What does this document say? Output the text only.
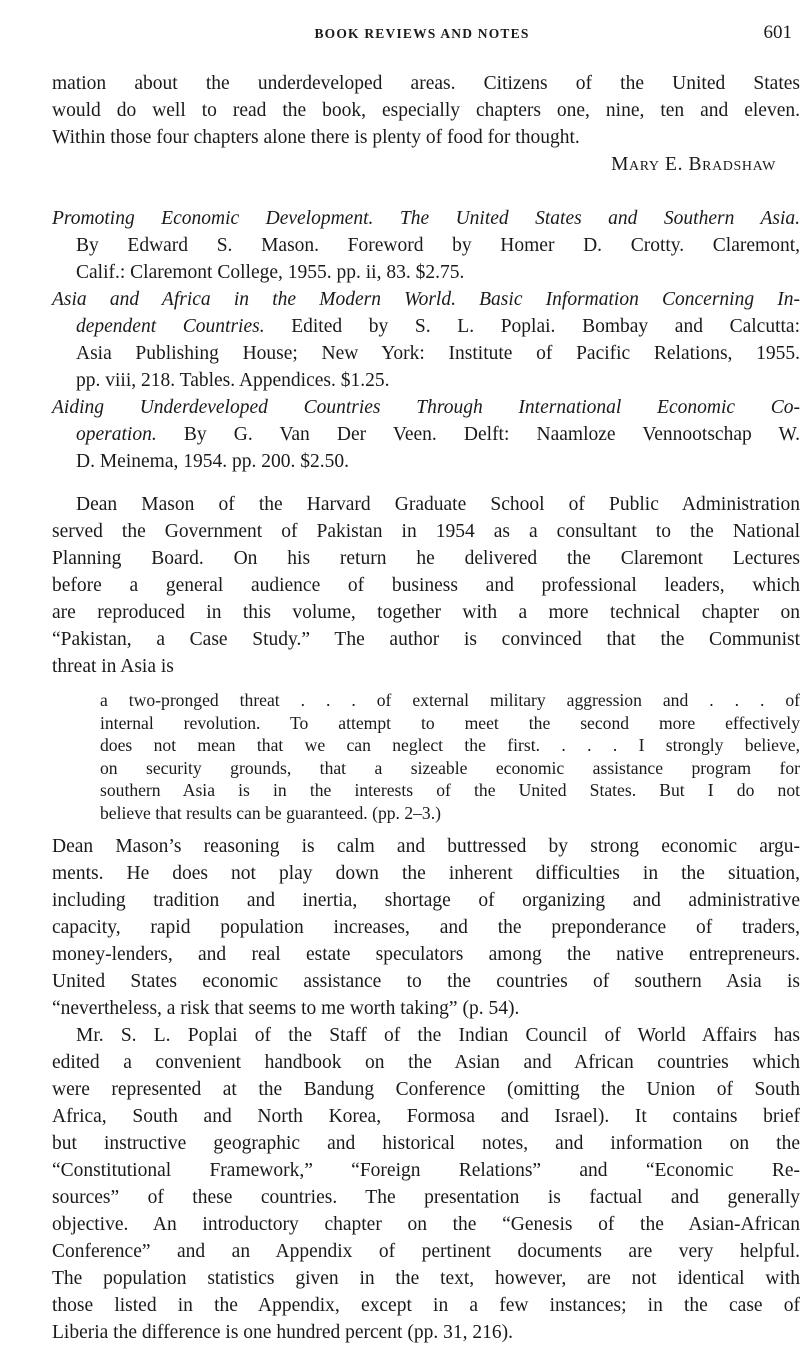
BOOK REVIEWS AND NOTES	601
mation about the underdeveloped areas. Citizens of the United States
would do well to read the book, especially chapters one, nine, ten and eleven.
Within those four chapters alone there is plenty of food for thought.
Mary E. Bradshaw
Promoting Economic Development. The United States and Southern Asia.
By Edward S. Mason. Foreword by Homer D. Crotty. Claremont,
Calif.: Claremont College, 1955. pp. ii, 83. $2.75.
Asia and Africa in the Modern World. Basic Information Concerning In-
dependent Countries. Edited by S. L. Poplai. Bombay and Calcutta:
Asia Publishing House; New York: Institute of Pacific Relations, 1955.
pp. viii, 218. Tables. Appendices. $1.25.
Aiding Underdeveloped Countries Through International Economic Co-
operation. By G. Van Der Veen. Delft: Naamloze Vennootschap W.
D. Meinema, 1954. pp. 200. $2.50.
Dean Mason of the Harvard Graduate School of Public Administration
served the Government of Pakistan in 1954 as a consultant to the National
Planning Board. On his return he delivered the Claremont Lectures
before a general audience of business and professional leaders, which
are reproduced in this volume, together with a more technical chapter on
“Pakistan, a Case Study.” The author is convinced that the Communist
threat in Asia is
a two-pronged threat . . . of external military aggression and . . . of
internal revolution. To attempt to meet the second more effectively
does not mean that we can neglect the first. . . . I strongly believe,
on security grounds, that a sizeable economic assistance program for
southern Asia is in the interests of the United States. But I do not
believe that results can be guaranteed. (pp. 2–3.)
Dean Mason’s reasoning is calm and buttressed by strong economic argu-
ments. He does not play down the inherent difficulties in the situation,
including tradition and inertia, shortage of organizing and administrative
capacity, rapid population increases, and the preponderance of traders,
money-lenders, and real estate speculators among the native entrepreneurs.
United States economic assistance to the countries of southern Asia is
“nevertheless, a risk that seems to me worth taking” (p. 54).
Mr. S. L. Poplai of the Staff of the Indian Council of World Affairs has
edited a convenient handbook on the Asian and African countries which
were represented at the Bandung Conference (omitting the Union of South
Africa, South and North Korea, Formosa and Israel). It contains brief
but instructive geographic and historical notes, and information on the
“Constitutional Framework,” “Foreign Relations” and “Economic Re-
sources” of these countries. The presentation is factual and generally
objective. An introductory chapter on the “Genesis of the Asian-African
Conference” and an Appendix of pertinent documents are very helpful.
The population statistics given in the text, however, are not identical with
those listed in the Appendix, except in a few instances; in the case of
Liberia the difference is one hundred percent (pp. 31, 216).
